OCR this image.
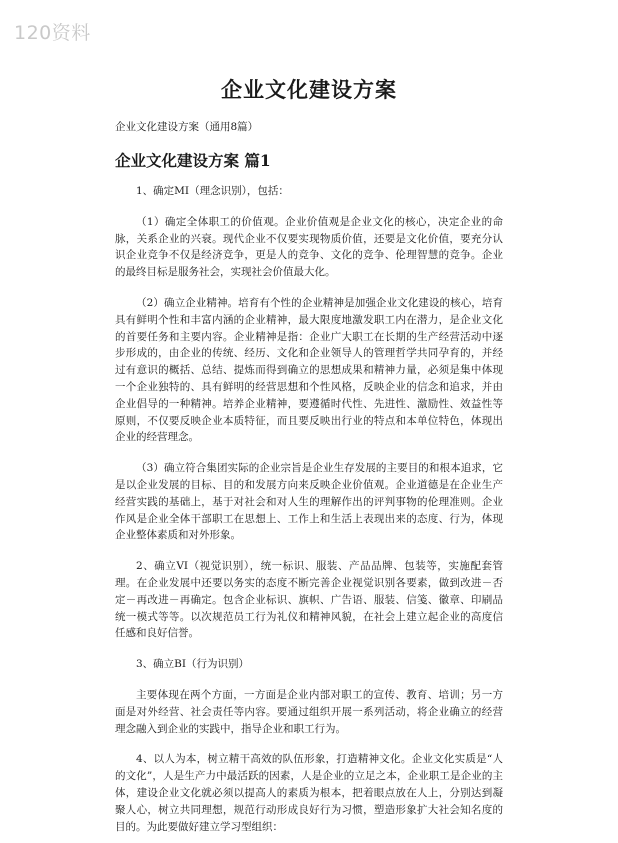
120资料
企业文化建设方案
企业文化建设方案（通用8篇）
企业文化建设方案 篇1
1、确定MI（理念识别），包括：
（1）确定全体职工的价值观。企业价值观是企业文化的核心，决定企业的命脉，关系企业的兴衰。现代企业不仅要实现物质价值，还要是文化价值，要充分认识企业竞争不仅是经济竞争，更是人的竞争、文化的竞争、伦理智慧的竞争。企业的最终目标是服务社会，实现社会价值最大化。
（2）确立企业精神。培育有个性的企业精神是加强企业文化建设的核心，培育具有鲜明个性和丰富内涵的企业精神，最大限度地激发职工内在潜力，是企业文化的首要任务和主要内容。企业精神是指：企业广大职工在长期的生产经营活动中逐步形成的，由企业的传统、经历、文化和企业领导人的管理哲学共同孕育的，并经过有意识的概括、总结、提炼而得到确立的思想成果和精神力量，必须是集中体现一个企业独特的、具有鲜明的经营思想和个性风格，反映企业的信念和追求，并由企业倡导的一种精神。培养企业精神，要遵循时代性、先进性、激励性、效益性等原则，不仅要反映企业本质特征，而且要反映出行业的特点和本单位特色，体现出企业的经营理念。
（3）确立符合集团实际的企业宗旨是企业生存发展的主要目的和根本追求，它是以企业发展的目标、目的和发展方向来反映企业价值观。企业道德是在企业生产经营实践的基础上，基于对社会和对人生的理解作出的评判事物的伦理准则。企业作风是企业全体干部职工在思想上、工作上和生活上表现出来的态度、行为，体现企业整体素质和对外形象。
2、确立VI（视觉识别），统一标识、服装、产品品牌、包装等，实施配套管理。在企业发展中还要以务实的态度不断完善企业视觉识别各要素，做到改进－否定－再改进－再确定。包含企业标识、旗帜、广告语、服装、信笺、徽章、印刷品统一模式等等。以次规范员工行为礼仪和精神风貌，在社会上建立起企业的高度信任感和良好信誉。
3、确立BI（行为识别）
主要体现在两个方面，一方面是企业内部对职工的宣传、教育、培训；另一方面是对外经营、社会责任等内容。要通过组织开展一系列活动，将企业确立的经营理念融入到企业的实践中，指导企业和职工行为。
4、以人为本，树立精干高效的队伍形象，打造精神文化。企业文化实质是“人的文化”，人是生产力中最活跃的因素，人是企业的立足之本，企业职工是企业的主体，建设企业文化就必须以提高人的素质为根本，把着眼点放在人上，分别达到凝聚人心，树立共同理想，规范行动形成良好行为习惯，塑造形象扩大社会知名度的目的。为此要做好建立学习型组织：
